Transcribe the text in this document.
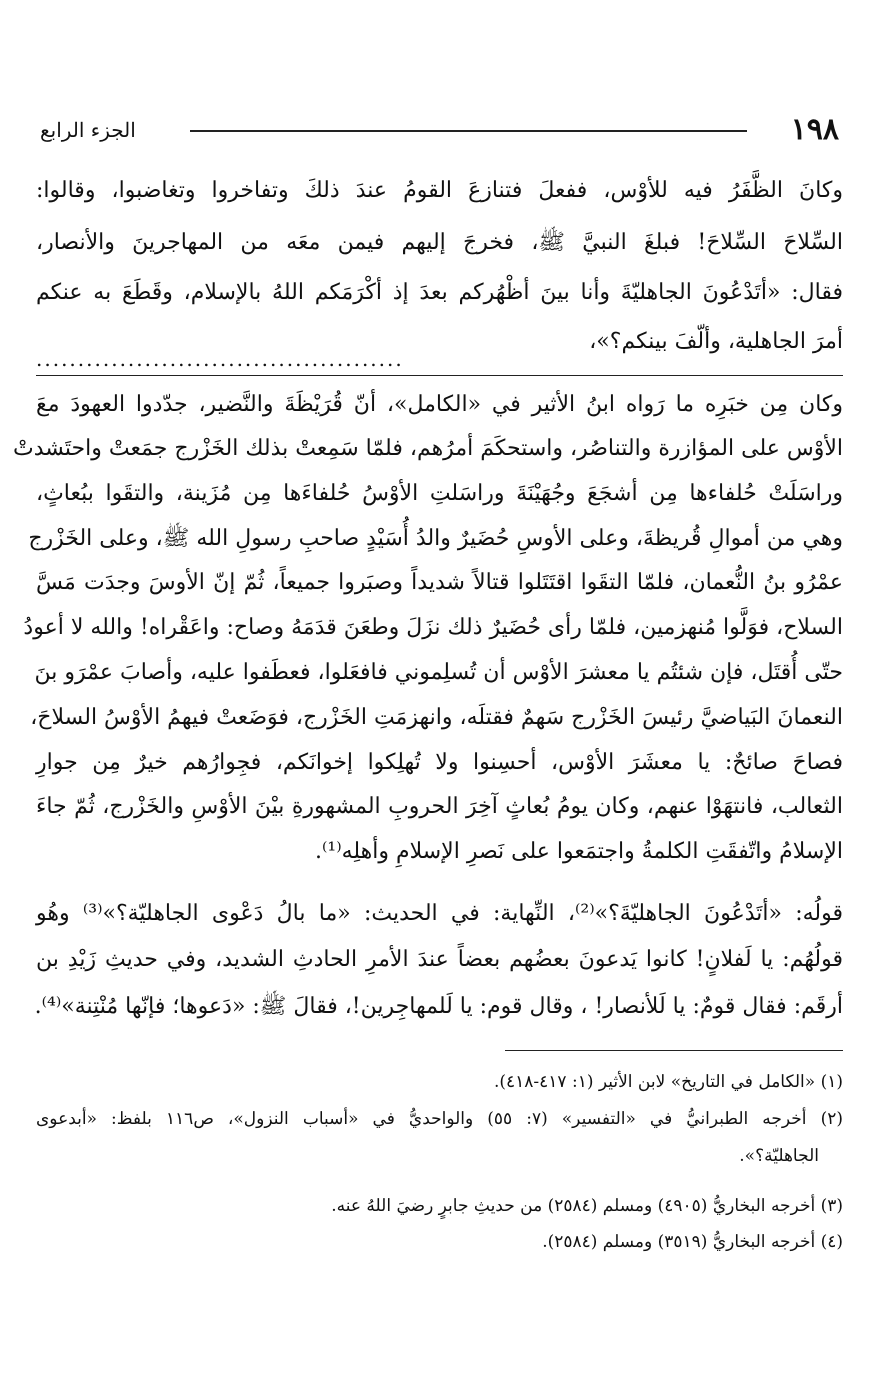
١٩٨
الجزء الرابع
وكانَ الظَّفَرُ فيه للأوْس، ففعلَ فتنازعَ القومُ عندَ ذلكَ وتفاخروا وتغاضبوا، وقالوا:
السِّلاحَ السِّلاحَ! فبلغَ النبيَّ ﷺ، فخرجَ إليهم فيمن معَه من المهاجرينَ والأنصار،
فقال: «أتَدْعُونَ الجاهليّةَ وأنا بينَ أظْهُركم بعدَ إذ أكْرَمَكم اللهُ بالإسلام، وقَطَعَ به عنكم
أمرَ الجاهلية، وألّفَ بينكم؟»،
............................................
وكان مِن خبَرِه ما رَواه ابنُ الأثير في «الكامل»، أنّ قُرَيْظَةَ والنَّضير، جدّدوا العهودَ معَ
الأوْس على المؤازرة والتناصُر، واستحكَمَ أمرُهم، فلمّا سَمِعتْ بذلك الخَزْرج جمَعتْ واحتَشدتْ
وراسَلَتْ حُلفاءها مِن أشجَعَ وجُهَيْنَةَ وراسَلتِ الأوْسُ حُلفاءَها مِن مُزَينة، والتقَوا ببُعاثٍ،
وهي من أموالِ قُريظةَ، وعلى الأوسِ حُضَيرٌ والدُ أُسَيْدٍ صاحبِ رسولِ الله ﷺ، وعلى الخَزْرج
عمْرُو بنُ النُّعمان، فلمّا التقَوا اقتَتَلوا قتالاً شديداً وصبَروا جميعاً، ثُمّ إنّ الأوسَ وجدَت مَسَّ
السلاح، فوَلَّوا مُنهزمين، فلمّا رأى حُضَيرٌ ذلك نزَلَ وطعَنَ قدَمَهُ وصاح: واعَقْراه! والله لا أعودُ
حتّى أُقتَل، فإن شئتُم يا معشرَ الأوْس أن تُسلِموني فافعَلوا، فعطَفوا عليه، وأصابَ عمْرَو بنَ
النعمانَ البَياضيَّ رئيسَ الخَزْرج سَهمٌ فقتلَه، وانهزمَتِ الخَزْرج، فوَضَعتْ فيهمُ الأوْسُ السلاحَ،
فصاحَ صائحٌ: يا معشَرَ الأوْس، أحسِنوا ولا تُهلِكوا إخوانَكم، فجِوارُهم خيرٌ مِن جوارِ
الثعالب، فانتهَوْا عنهم، وكان يومُ بُعاثٍ آخِرَ الحروبِ المشهورةِ بيْنَ الأوْسِ والخَزْرج، ثُمّ جاءَ
الإسلامُ واتّفقَتِ الكلمةُ واجتمَعوا على نَصرِ الإسلامِ وأهلِه⁽¹⁾.
قولُه: «أتَدْعُونَ الجاهليّةَ؟»⁽²⁾، النِّهاية: في الحديث: «ما بالُ دَعْوى الجاهليّة؟»⁽³⁾ وهُو
قولُهُم: يا لَفلانٍ! كانوا يَدعونَ بعضُهم بعضاً عندَ الأمرِ الحادثِ الشديد، وفي حديثِ زَيْدِ بن
أرقَم: فقال قومٌ: يا لَلأنصار! ، وقال قوم: يا لَلمهاجِرين!، فقالَ ﷺ: «دَعوها؛ فإنّها مُنْتِنة»⁽⁴⁾.
(١) «الكامل في التاريخ» لابن الأثير (١: ٤١٧-٤١٨).
(٢) أخرجه الطبرانيُّ في «التفسير» (٧: ٥٥) والواحديُّ في «أسباب النزول»، ص١١٦ بلفظ: «أبدعوى
الجاهليّة؟».
(٣) أخرجه البخاريُّ (٤٩٠٥) ومسلم (٢٥٨٤) من حديثِ جابرٍ رضيَ اللهُ عنه.
(٤) أخرجه البخاريُّ (٣٥١٩) ومسلم (٢٥٨٤).
